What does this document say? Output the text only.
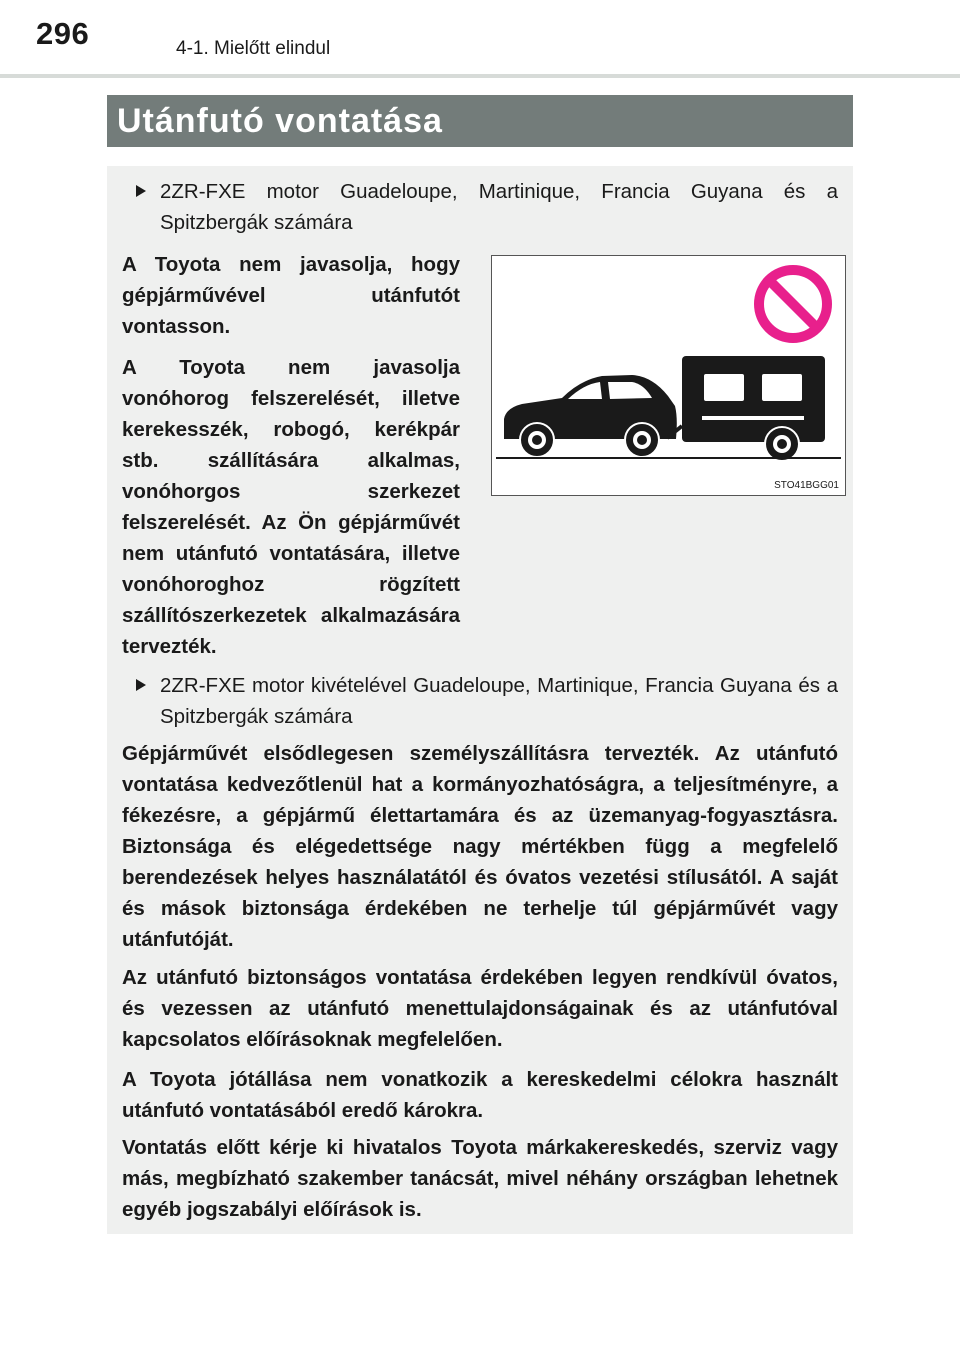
296	4-1. Mielőtt elindul
Utánfutó vontatása
2ZR-FXE motor Guadeloupe, Martinique, Francia Guyana és a Spitzbergák számára
A Toyota nem javasolja, hogy gépjárművével utánfutót vontasson.
A Toyota nem javasolja vonóhorog felszerelését, illetve kerekesszék, robogó, kerékpár stb. szállítására alkalmas, vonóhorgos szerkezet felszerelését. Az Ön gépjárművét nem utánfutó vontatására, illetve vonóhoroghoz rögzített szállítószerkezetek alkalmazására tervezték.
STO41BGG01
2ZR-FXE motor kivételével Guadeloupe, Martinique, Francia Guyana és a Spitzbergák számára
Gépjárművét elsődlegesen személyszállításra tervezték. Az utánfutó vontatása kedvezőtlenül hat a kormányozhatóságra, a teljesítményre, a fékezésre, a gépjármű élettartamára és az üzemanyag-fogyasztásra. Biztonsága és elégedettsége nagy mértékben függ a megfelelő berendezések helyes használatától és óvatos vezetési stílusától. A saját és mások biztonsága érdekében ne terhelje túl gépjárművét vagy utánfutóját.
Az utánfutó biztonságos vontatása érdekében legyen rendkívül óvatos, és vezessen az utánfutó menettulajdonságainak és az utánfutóval kapcsolatos előírásoknak megfelelően.
A Toyota jótállása nem vonatkozik a kereskedelmi célokra használt utánfutó vontatásából eredő károkra.
Vontatás előtt kérje ki hivatalos Toyota márkakereskedés, szerviz vagy más, megbízható szakember tanácsát, mivel néhány országban lehetnek egyéb jogszabályi előírások is.
